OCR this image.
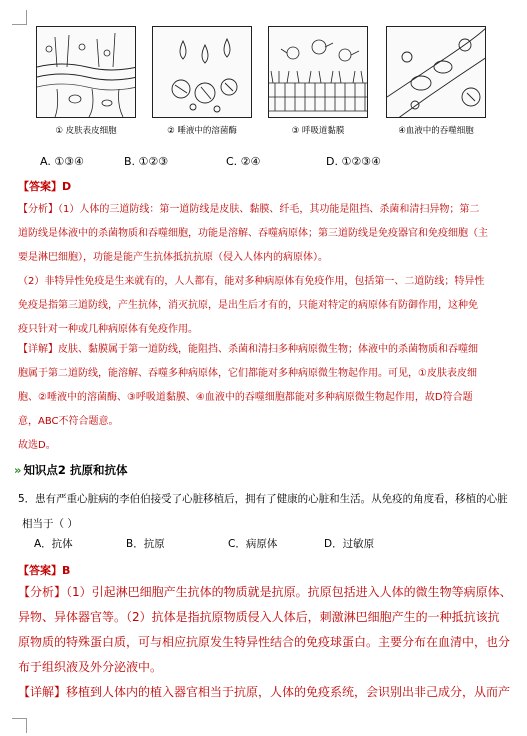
① 皮肤表皮细胞	② 唾液中的溶菌酶	③ 呼吸道黏膜	④血液中的吞噬细胞
A. ①③④	B. ①②③	C. ②④	D. ①②③④
【答案】D
【分析】（1）人体的三道防线：第一道防线是皮肤、黏膜、纤毛，其功能是阻挡、杀菌和清扫异物；第二
道防线是体液中的杀菌物质和吞噬细胞，功能是溶解、吞噬病原体；第三道防线是免疫器官和免疫细胞（主
要是淋巴细胞），功能是能产生抗体抵抗抗原（侵入人体内的病原体）。
（2）非特异性免疫是生来就有的，人人都有，能对多种病原体有免疫作用，包括第一、二道防线；特异性
免疫是指第三道防线，产生抗体，消灭抗原，是出生后才有的，只能对特定的病原体有防御作用，这种免
疫只针对一种或几种病原体有免疫作用。
【详解】皮肤、黏膜属于第一道防线，能阻挡、杀菌和清扫多种病原微生物；体液中的杀菌物质和吞噬细
胞属于第二道防线，能溶解、吞噬多种病原体，它们都能对多种病原微生物起作用。可见，①皮肤表皮细
胞、②唾液中的溶菌酶、③呼吸道黏膜、④血液中的吞噬细胞都能对多种病原微生物起作用，故D符合题
意，ABC不符合题意。
故选D。
» 知识点2 抗原和抗体
5．患有严重心脏病的李伯伯接受了心脏移植后，拥有了健康的心脏和生活。从免疫的角度看，移植的心脏
相当于（ ）
A．抗体	B．抗原	C．病原体	D．过敏原
【答案】B
【分析】（1）引起淋巴细胞产生抗体的物质就是抗原。抗原包括进入人体的微生物等病原体、
异物、异体器官等。（2）抗体是指抗原物质侵入人体后，刺激淋巴细胞产生的一种抵抗该抗
原物质的特殊蛋白质，可与相应抗原发生特异性结合的免疫球蛋白。主要分布在血清中，也分
布于组织液及外分泌液中。
【详解】移植到人体内的植入器官相当于抗原，人体的免疫系统，会识别出非己成分，从而产
